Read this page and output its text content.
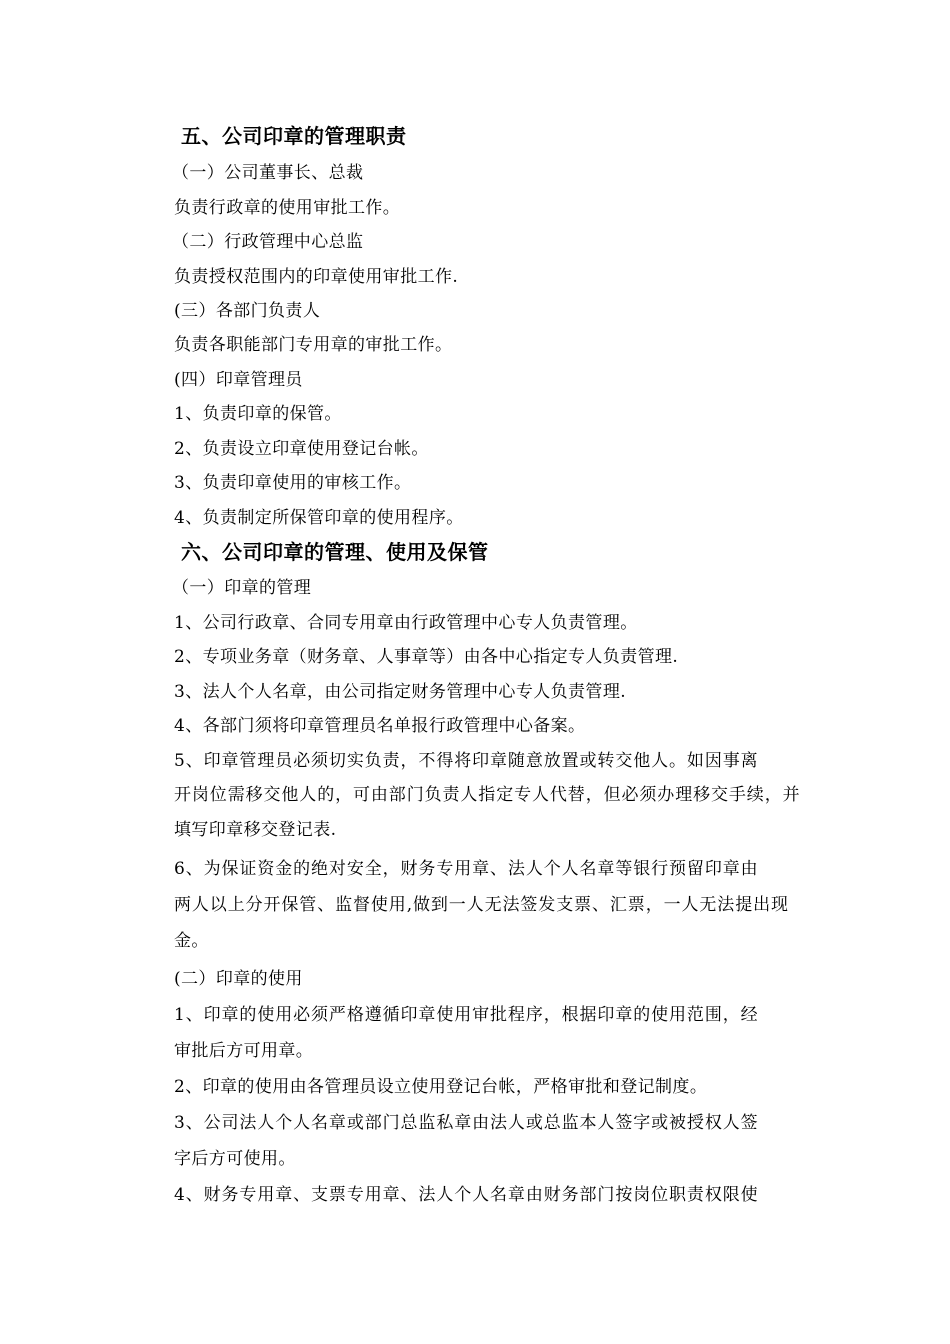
五、公司印章的管理职责
（一）公司董事长、总裁
负责行政章的使用审批工作。
（二）行政管理中心总监
负责授权范围内的印章使用审批工作.
(三）各部门负责人
负责各职能部门专用章的审批工作。
(四）印章管理员
1、负责印章的保管。
2、负责设立印章使用登记台帐。
3、负责印章使用的审核工作。
4、负责制定所保管印章的使用程序。
六、公司印章的管理、使用及保管
（一）印章的管理
1、公司行政章、合同专用章由行政管理中心专人负责管理。
2、专项业务章（财务章、人事章等）由各中心指定专人负责管理.
3、法人个人名章，由公司指定财务管理中心专人负责管理.
4、各部门须将印章管理员名单报行政管理中心备案。
5、印章管理员必须切实负责，不得将印章随意放置或转交他人。如因事离
开岗位需移交他人的，可由部门负责人指定专人代替，但必须办理移交手续，并
填写印章移交登记表.
6、为保证资金的绝对安全，财务专用章、法人个人名章等银行预留印章由
两人以上分开保管、监督使用,做到一人无法签发支票、汇票，一人无法提出现
金。
(二）印章的使用
1、印章的使用必须严格遵循印章使用审批程序，根据印章的使用范围，经
审批后方可用章。
2、印章的使用由各管理员设立使用登记台帐，严格审批和登记制度。
3、公司法人个人名章或部门总监私章由法人或总监本人签字或被授权人签
字后方可使用。
4、财务专用章、支票专用章、法人个人名章由财务部门按岗位职责权限使
